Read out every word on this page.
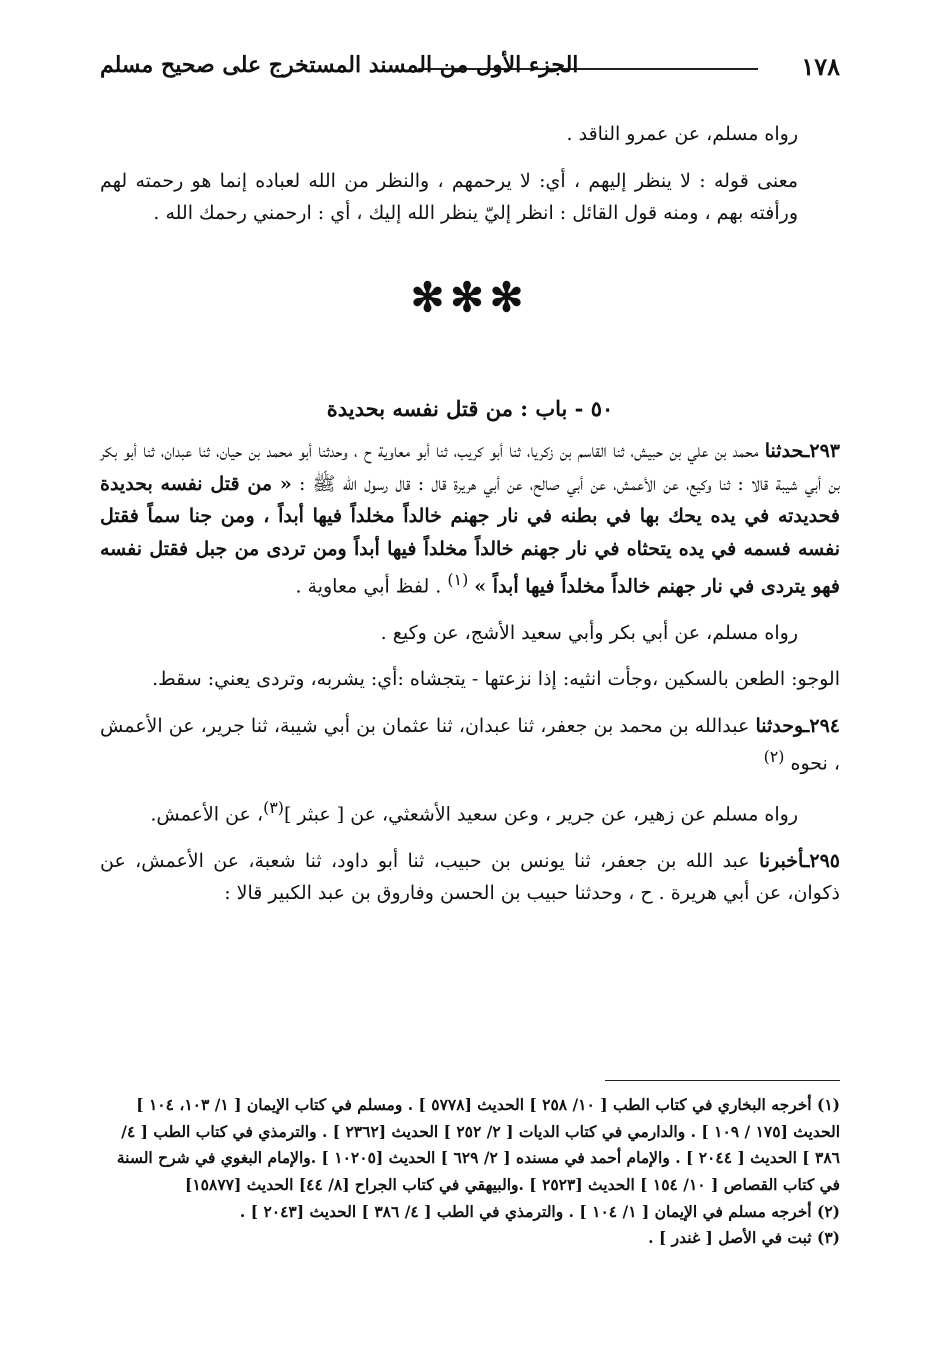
١٧٨
الجزء الأول من المسند المستخرج على صحيح مسلم

رواه مسلم، عن عمرو الناقد .

معنى قوله : لا ينظر إليهم ، أي: لا يرحمهم ، والنظر من الله لعباده إنما هو رحمته لهم ورأفته بهم ، ومنه قول القائل : انظر إليّ ينظر الله إليك ، أي : ارحمني رحمك الله .

✻✻✻
٥٠ - باب : من قتل نفسه بحديدة

٢٩٣ـحدثنا محمد بن علي بن حبيش، ثنا القاسم بن زكريا، ثنا أبو كريب، ثنا أبو معاوية ح ، وحدثنا أبو محمد بن حيان، ثنا عبدان، ثنا أبو بكر بن أبي شيبة قالا : ثنا وكيع، عن الأعمش، عن أبي صالح، عن أبي هريرة قال : قال رسول الله ﷺ : « من قتل نفسه بحديدة فحديدته في يده يحك بها في بطنه في نار جهنم خالداً مخلداً فيها أبداً ، ومن جنا سماً فقتل نفسه فسمه في يده يتحثاه في نار جهنم خالداً مخلداً فيها أبداً ومن تردى من جبل فقتل نفسه فهو يتردى في نار جهنم خالداً مخلداً فيها أبداً » $^{(١)}$ . لفظ أبي معاوية .

رواه مسلم، عن أبي بكر وأبي سعيد الأشج، عن وكيع .

الوجو: الطعن بالسكين ،وجأت انثيه: إذا نزعتها - يتجشاه :أي: يشربه، وتردى يعني: سقط.

٢٩٤ـوحدثنا عبدالله بن محمد بن جعفر، ثنا عبدان، ثنا عثمان بن أبي شيبة، ثنا جرير، عن الأعمش ، نحوه $^{(٢)}$

رواه مسلم عن زهير، عن جرير ، وعن سعيد الأشعثي، عن [ عبثر ]$^{(٣)}$، عن الأعمش.

٢٩٥ـأخبرنا عبد الله بن جعفر، ثنا يونس بن حبيب، ثنا أبو داود، ثنا شعبة، عن الأعمش، عن ذكوان، عن أبي هريرة . ح ، وحدثنا حبيب بن الحسن وفاروق بن عبد الكبير قالا :

(١) أخرجه البخاري في كتاب الطب [ ١٠/ ٢٥٨ ] الحديث [٥٧٧٨ ] . ومسلم في كتاب الإيمان [ ١/ ١٠٣، ١٠٤ ] الحديث [١٧٥ / ١٠٩ ] . والدارمي في كتاب الديات [ ٢/ ٢٥٢ ] الحديث [٢٣٦٢ ] . والترمذي في كتاب الطب [ ٤/ ٣٨٦ ] الحديث [ ٢٠٤٤ ] . والإمام أحمد في مسنده [ ٢/ ٦٢٩ ] الحديث [١٠٢٠٥ ] .والإمام البغوي في شرح السنة في كتاب القصاص [ ١٠/ ١٥٤ ] الحديث [٢٥٢٣ ] .والبيهقي في كتاب الجراح [٨/ ٤٤] الحديث [١٥٨٧٧]

(٢) أخرجه مسلم في الإيمان [ ١/ ١٠٤ ] . والترمذي في الطب [ ٤/ ٣٨٦ ] الحديث [٢٠٤٣ ] .

(٣) ثبت في الأصل [ غندر ] .
